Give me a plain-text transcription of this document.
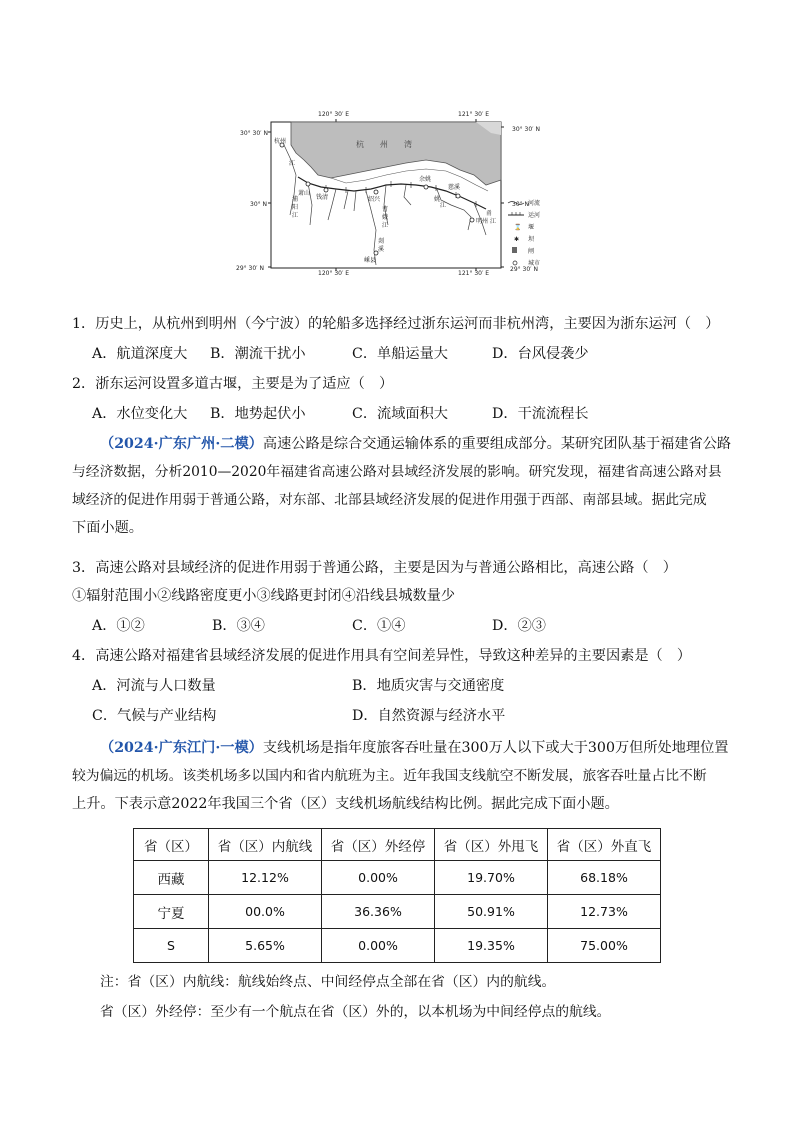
120° 30′ E	121° 30′ E
120° 30′ E	121° 30′ E
30° 30′ N
30° N
29° 30′ N
30° 30′ N
30° N
29° 30′ N
杭　　州　　湾
杭州
萧山
钱清	绍兴
余姚
慈溪
明州
嵊县
江
曹
娥
江
姚
江
甬
江
浦
阳
江
剡
溪
河流
运河
⌛ 堰
✱ 坝
闸
城市
1．历史上，从杭州到明州（今宁波）的轮船多选择经过浙东运河而非杭州湾，主要因为浙东运河（　）
A．航道深度大 B．潮流干扰小	C．单船运量大	D．台风侵袭少
2．浙东运河设置多道古堰，主要是为了适应（　）
A．水位变化大 B．地势起伏小	C．流域面积大	D．干流流程长
（2024·广东广州·二模）高速公路是综合交通运输体系的重要组成部分。某研究团队基于福建省公路
与经济数据，分析2010—2020年福建省高速公路对县域经济发展的影响。研究发现，福建省高速公路对县
域经济的促进作用弱于普通公路，对东部、北部县域经济发展的促进作用强于西部、南部县域。据此完成
下面小题。
3．高速公路对县域经济的促进作用弱于普通公路，主要是因为与普通公路相比，高速公路（　）
①辐射范围小②线路密度更小③线路更封闭④沿线县城数量少
A．①②	B．③④	C．①④	D．②③
4．高速公路对福建省县域经济发展的促进作用具有空间差异性，导致这种差异的主要因素是（　）
A．河流与人口数量	B．地质灾害与交通密度
C．气候与产业结构	D．自然资源与经济水平
（2024·广东江门·一模）支线机场是指年度旅客吞吐量在300万人以下或大于300万但所处地理位置
较为偏远的机场。该类机场多以国内和省内航班为主。近年我国支线航空不断发展，旅客吞吐量占比不断
上升。下表示意2022年我国三个省（区）支线机场航线结构比例。据此完成下面小题。
省（区）	省（区）内航线	省（区）外经停	省（区）外甩飞	省（区）外直飞
西藏	12.12%	0.00%	19.70%	68.18%
宁夏	00.0%	36.36%	50.91%	12.73%
S	5.65%	0.00%	19.35%	75.00%
注：省（区）内航线：航线始终点、中间经停点全部在省（区）内的航线。
省（区）外经停：至少有一个航点在省（区）外的，以本机场为中间经停点的航线。
